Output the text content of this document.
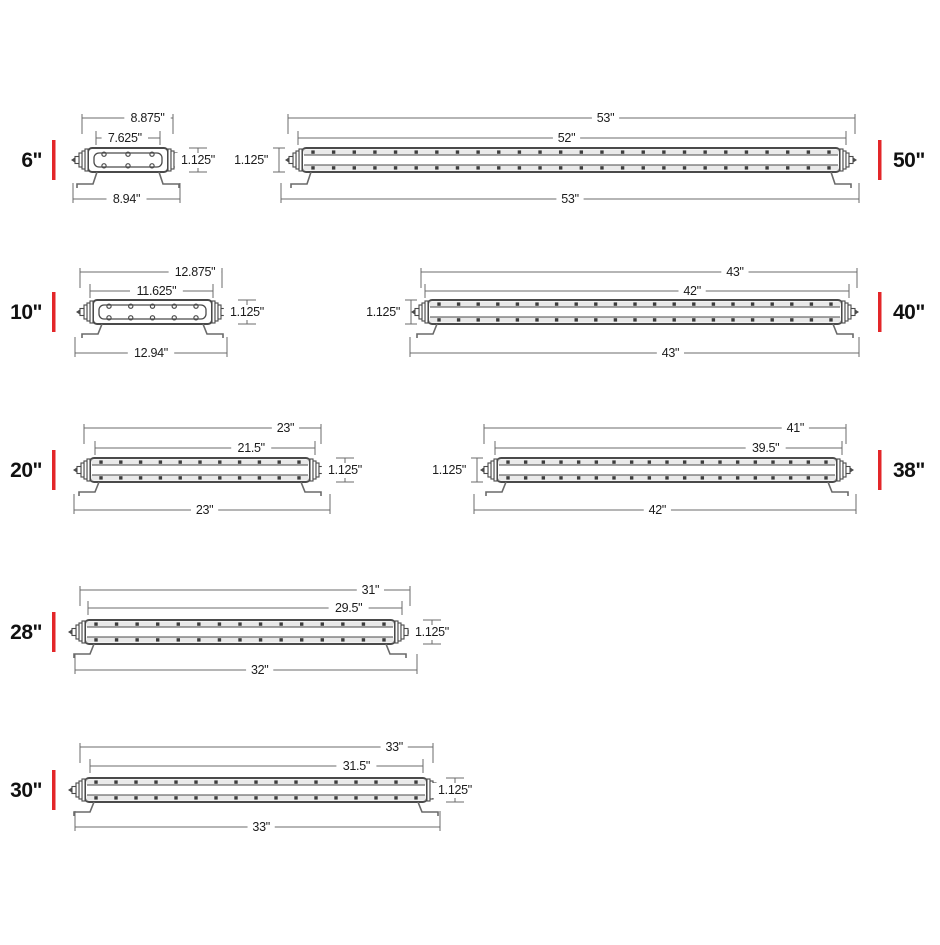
8.875"
7.625"
8.94"
1.125"
6"
53"
52"
53"
1.125"	50"
12.875"
11.625"
12.94"
1.125"
10"
43"
42"
43"
1.125"	40"
23"
21.5"
23"
1.125"
20"
41"
39.5"
42"
1.125"	38"
31"
29.5"
32"
1.125"
28"
33"
31.5"
33"
1.125"
30"
